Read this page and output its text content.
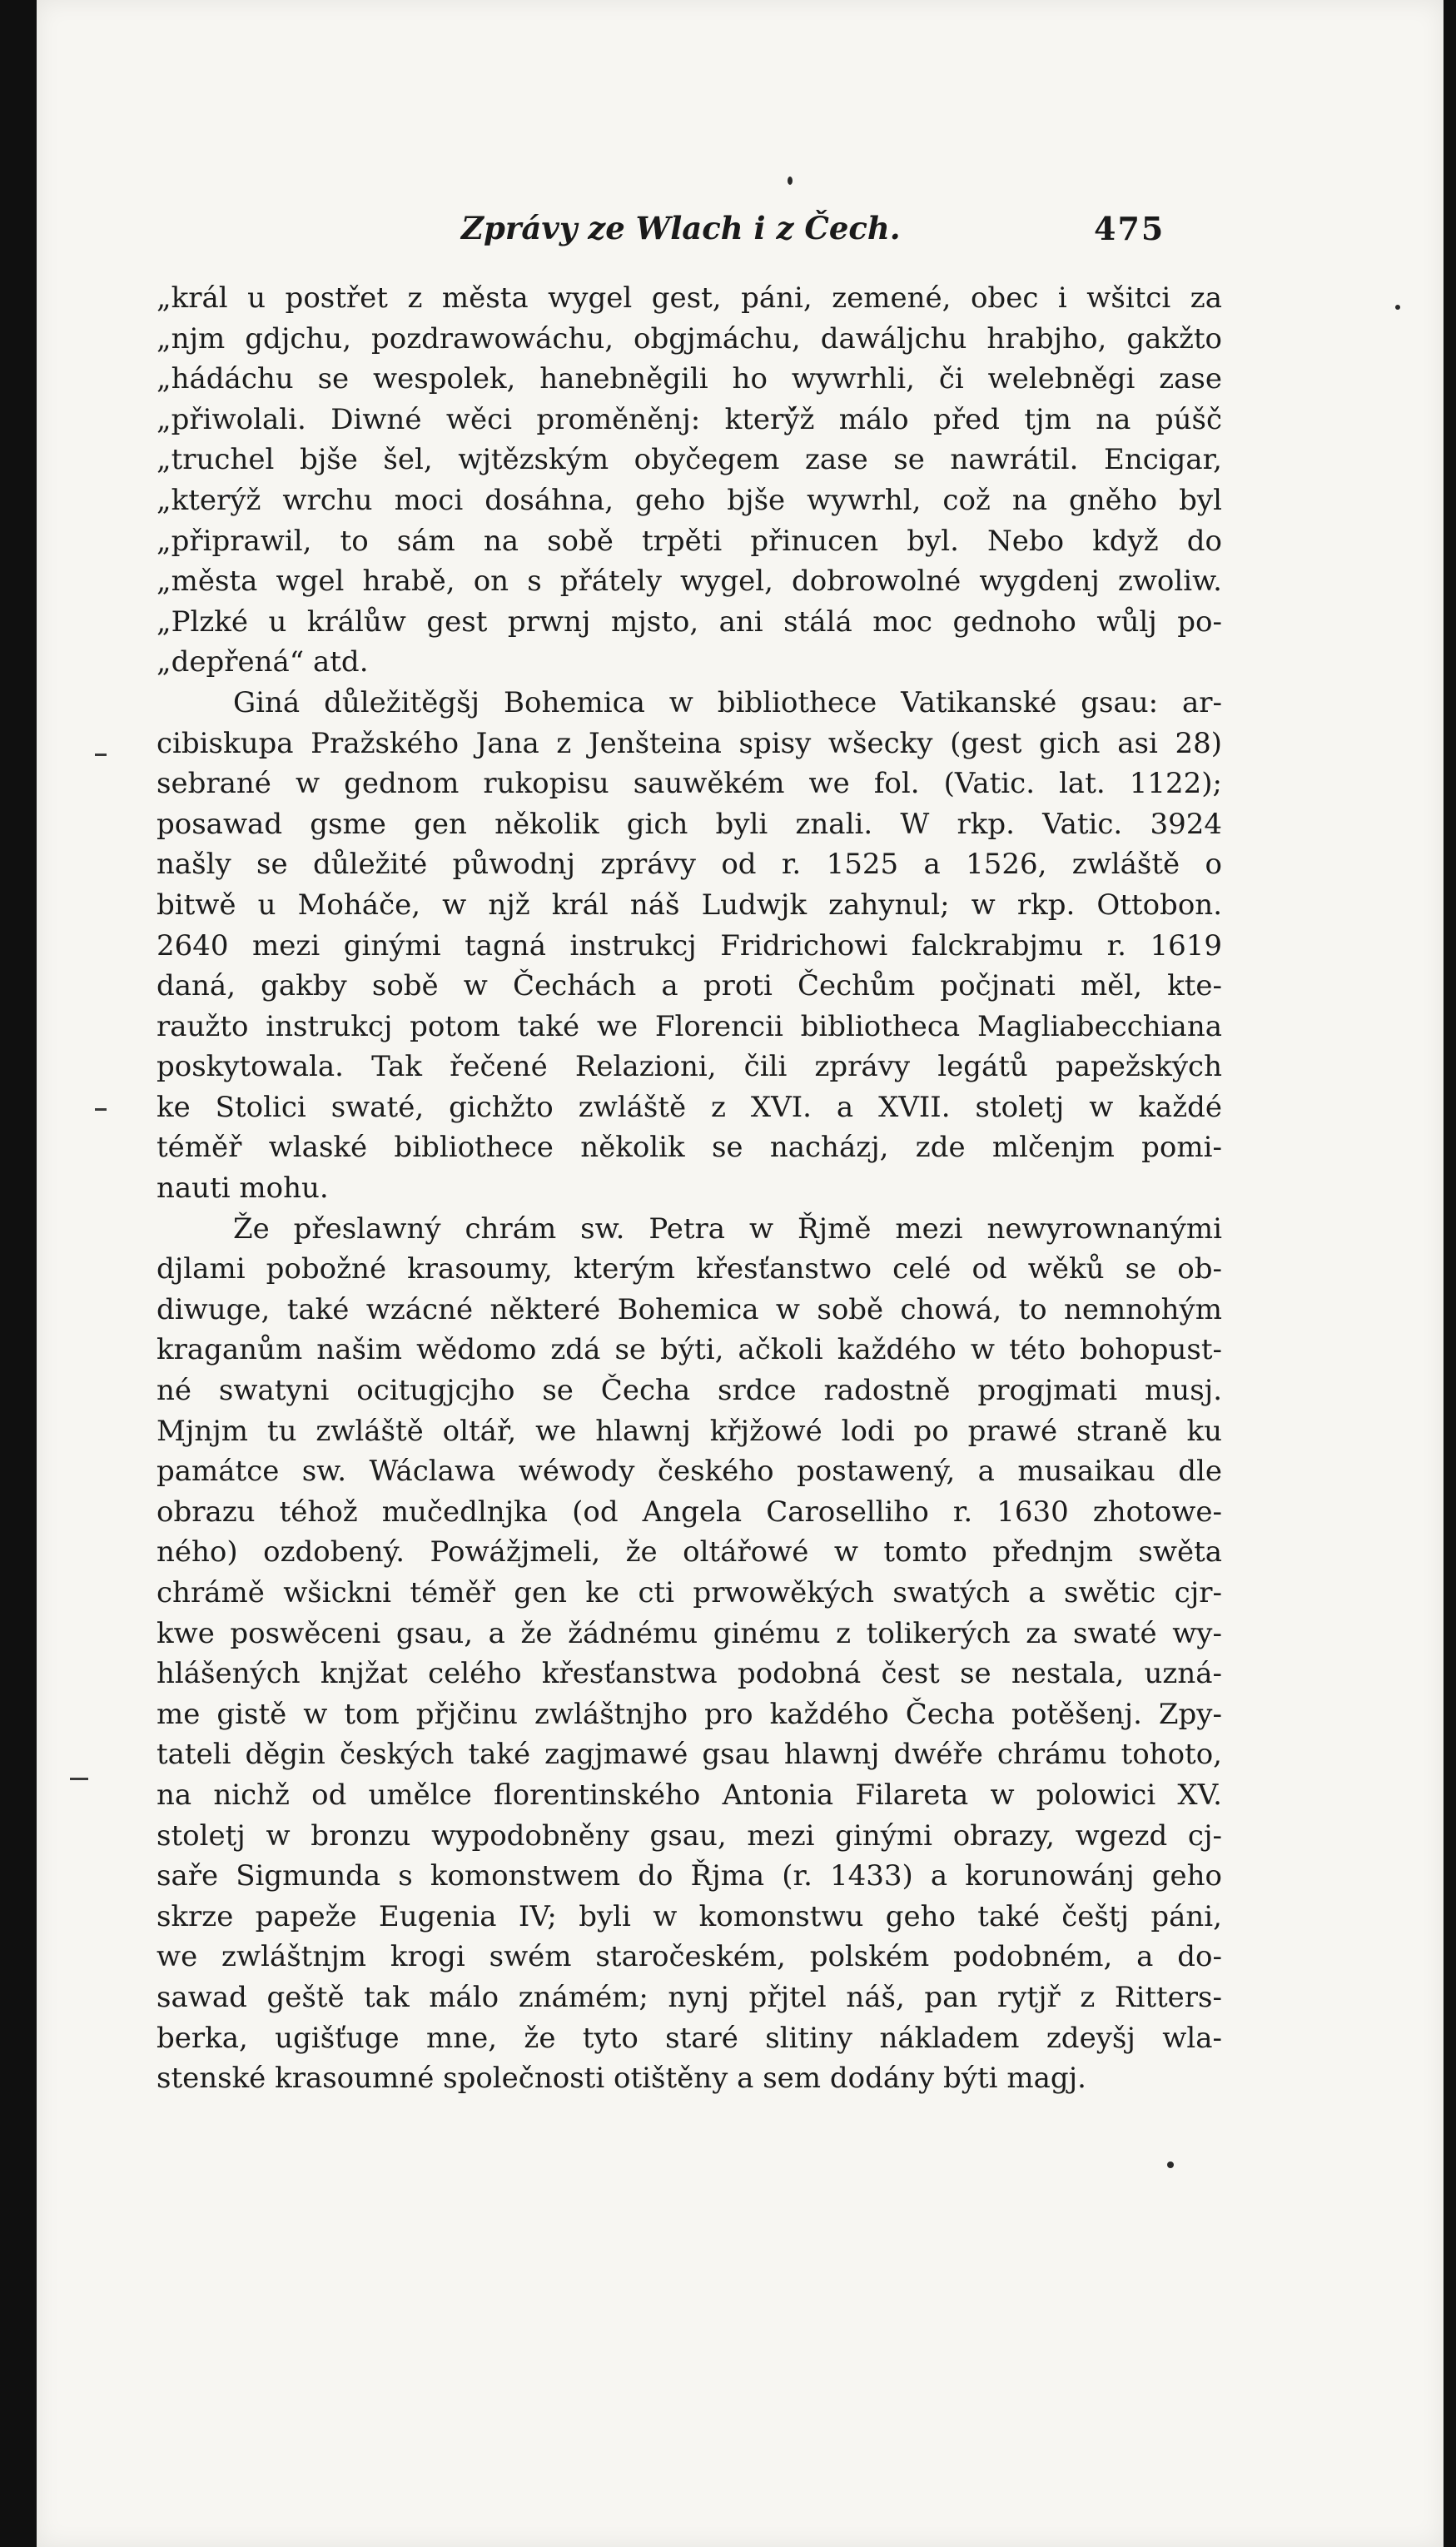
Zprávy ze Wlach i z Čech.	475
„král u postřet z města wygel gest, páni, zemené, obec i wšitci za
„njm gdjchu, pozdrawowáchu, obgjmáchu, dawáljchu hrabjho, gakžto
„hádáchu se wespolek, hanebněgili ho wywrhli, či welebněgi zase
„přiwolali. Diwné wěci proměněnj: který̌ž málo před tjm na púšč
„truchel bjše šel, wjtězským obyčegem zase se nawrátil. Encigar,
„kterýž wrchu moci dosáhna, geho bjše wywrhl, což na gněho byl
„připrawil, to sám na sobě trpěti přinucen byl. Nebo když do
„města wgel hrabě, on s přátely wygel, dobrowolné wygdenj zwoliw.
„Plzké u králůw gest prwnj mjsto, ani stálá moc gednoho wůlj po-
„depřená“ atd.
Giná důležitěgšj Bohemica w bibliothece Vatikanské gsau: ar-
cibiskupa Pražského Jana z Jenšteina spisy wšecky (gest gich asi 28)
sebrané w gednom rukopisu sauwěkém we fol. (Vatic. lat. 1122);
posawad gsme gen několik gich byli znali. W rkp. Vatic. 3924
našly se důležité půwodnj zprávy od r. 1525 a 1526, zwláště o
bitwě u Moháče, w njž král náš Ludwjk zahynul; w rkp. Ottobon.
2640 mezi ginými tagná instrukcj Fridrichowi falckrabjmu r. 1619
daná, gakby sobě w Čechách a proti Čechům počjnati měl, kte-
raužto instrukcj potom také we Florencii bibliotheca Magliabecchiana
poskytowala. Tak řečené Relazioni, čili zprávy legátů papežských
ke Stolici swaté, gichžto zwláště z XVI. a XVII. stoletj w každé
téměř wlaské bibliothece několik se nacházj, zde mlčenjm pomi-
nauti mohu.
Že přeslawný chrám sw. Petra w Řjmě mezi newyrownanými
djlami pobožné krasoumy, kterým křesťanstwo celé od wěků se ob-
diwuge, také wzácné některé Bohemica w sobě chowá, to nemnohým
kraganům našim wědomo zdá se býti, ačkoli každého w této bohopust-
né swatyni ocitugjcjho se Čecha srdce radostně progjmati musj.
Mjnjm tu zwláště oltář, we hlawnj křjžowé lodi po prawé straně ku
památce sw. Wáclawa wéwody českého postawený, a musaikau dle
obrazu téhož mučedlnjka (od Angela Caroselliho r. 1630 zhotowe-
ného) ozdobený. Powážjmeli, že oltářowé w tomto přednjm swěta
chrámě wšickni téměř gen ke cti prwowěkých swatých a swětic cjr-
kwe poswěceni gsau, a že žádnému ginému z tolikerých za swaté wy-
hlášených knjžat celého křesťanstwa podobná čest se nestala, uzná-
me gistě w tom přjčinu zwláštnjho pro každého Čecha potěšenj. Zpy-
tateli děgin českých také zagjmawé gsau hlawnj dwéře chrámu tohoto,
na nichž od umělce florentinského Antonia Filareta w polowici XV.
stoletj w bronzu wypodobněny gsau, mezi ginými obrazy, wgezd cj-
saře Sigmunda s komonstwem do Řjma (r. 1433) a korunowánj geho
skrze papeže Eugenia IV; byli w komonstwu geho také češtj páni,
we zwláštnjm krogi swém staročeském, polském podobném, a do-
sawad geště tak málo známém; nynj přjtel náš, pan rytjř z Ritters-
berka, ugišťuge mne, že tyto staré slitiny nákladem zdeyšj wla-
stenské krasoumné společnosti otištěny a sem dodány býti magj.
